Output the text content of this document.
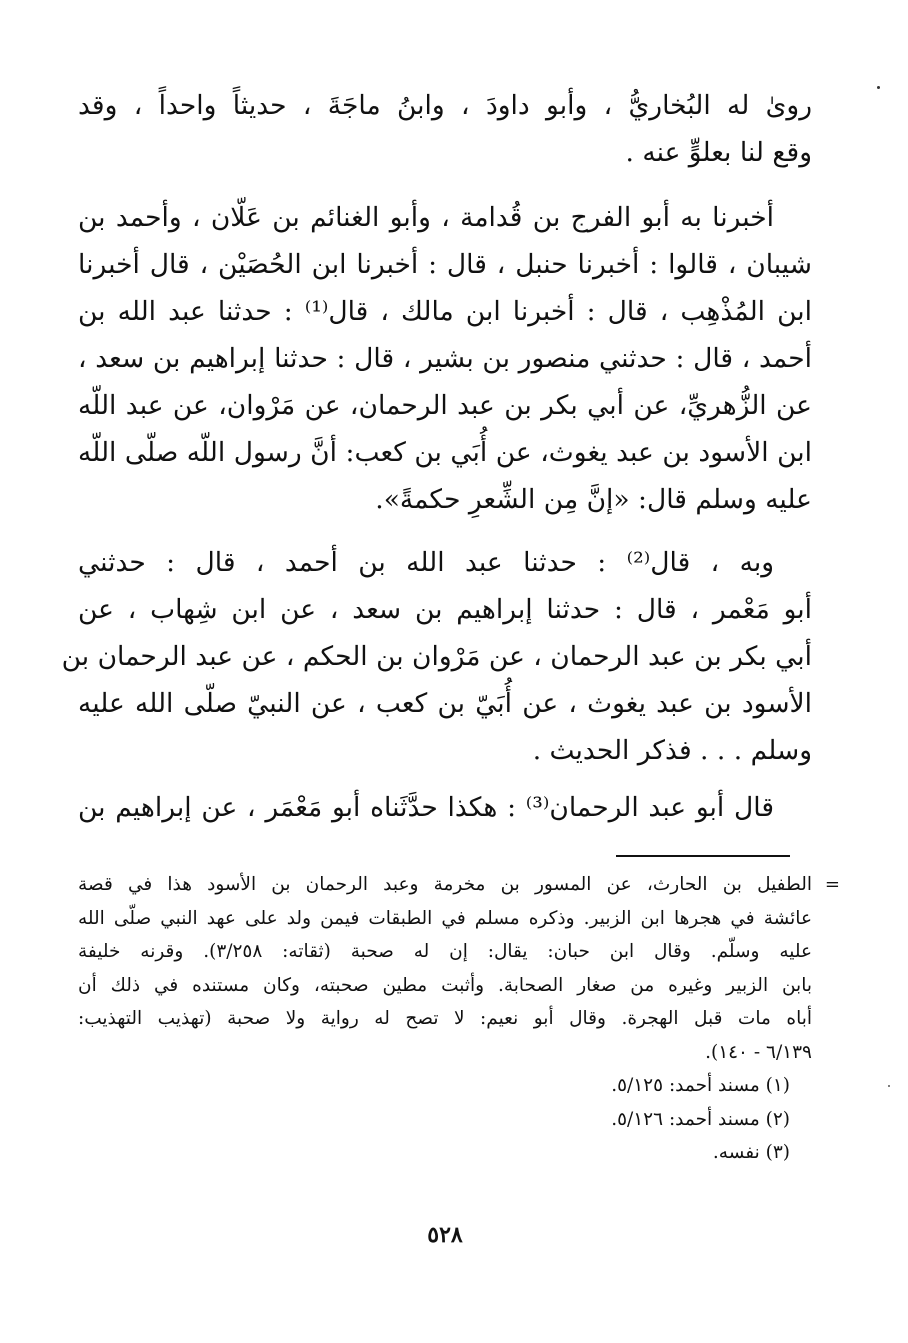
رویٰ له البُخاريُّ ، وأبو داودَ ، وابنُ ماجَةَ ، حديثاً واحداً ، وقد
وقع لنا بعلوٍّ عنه .

أخبرنا به أبو الفرج بن قُدامة ، وأبو الغنائم بن عَلّان ، وأحمد بن
شيبان ، قالوا : أخبرنا حنبل ، قال : أخبرنا ابن الحُصَيْن ، قال أخبرنا
ابن المُذْهِب ، قال : أخبرنا ابن مالك ، قال⁽¹⁾ : حدثنا عبد الله بن
أحمد ، قال : حدثني منصور بن بشير ، قال : حدثنا إبراهيم بن سعد ،
عن الزُّهريِّ، عن أبي بكر بن عبد الرحمان، عن مَرْوان، عن عبد اللّه
ابن الأسود بن عبد يغوث، عن أُبَي بن كعب: أنَّ رسول اللّه صلّى اللّه
عليه وسلم قال: «إنَّ مِن الشِّعرِ حكمةً».

وبه ، قال⁽²⁾ : حدثنا عبد الله بن أحمد ، قال : حدثني
أبو مَعْمر ، قال : حدثنا إبراهيم بن سعد ، عن ابن شِهاب ، عن
أبي بكر بن عبد الرحمان ، عن مَرْوان بن الحكم ، عن عبد الرحمان بن
الأسود بن عبد يغوث ، عن أُبَيّ بن كعب ، عن النبيّ صلّى الله عليه
وسلم . . . فذكر الحديث .

قال أبو عبد الرحمان⁽³⁾ : هكذا حدَّثَناه أبو مَعْمَر ، عن إبراهيم بن

=
الطفيل بن الحارث، عن المسور بن مخرمة وعبد الرحمان بن الأسود هذا في قصة
عائشة في هجرها ابن الزبير. وذكره مسلم في الطبقات فيمن ولد على عهد النبي صلّى الله
عليه وسلّم. وقال ابن حبان: يقال: إن له صحبة (ثقاته: ٣/٢٥٨). وقرنه خليفة
بابن الزبير وغيره من صغار الصحابة. وأثبت مطين صحبته، وكان مستنده في ذلك أن
أباه مات قبل الهجرة. وقال أبو نعيم: لا تصح له رواية ولا صحبة (تهذيب التهذيب:
٦/١٣٩ - ١٤٠).
(١) مسند أحمد: ٥/١٢٥.
(٢) مسند أحمد: ٥/١٢٦.
(٣) نفسه.
٥٢٨
